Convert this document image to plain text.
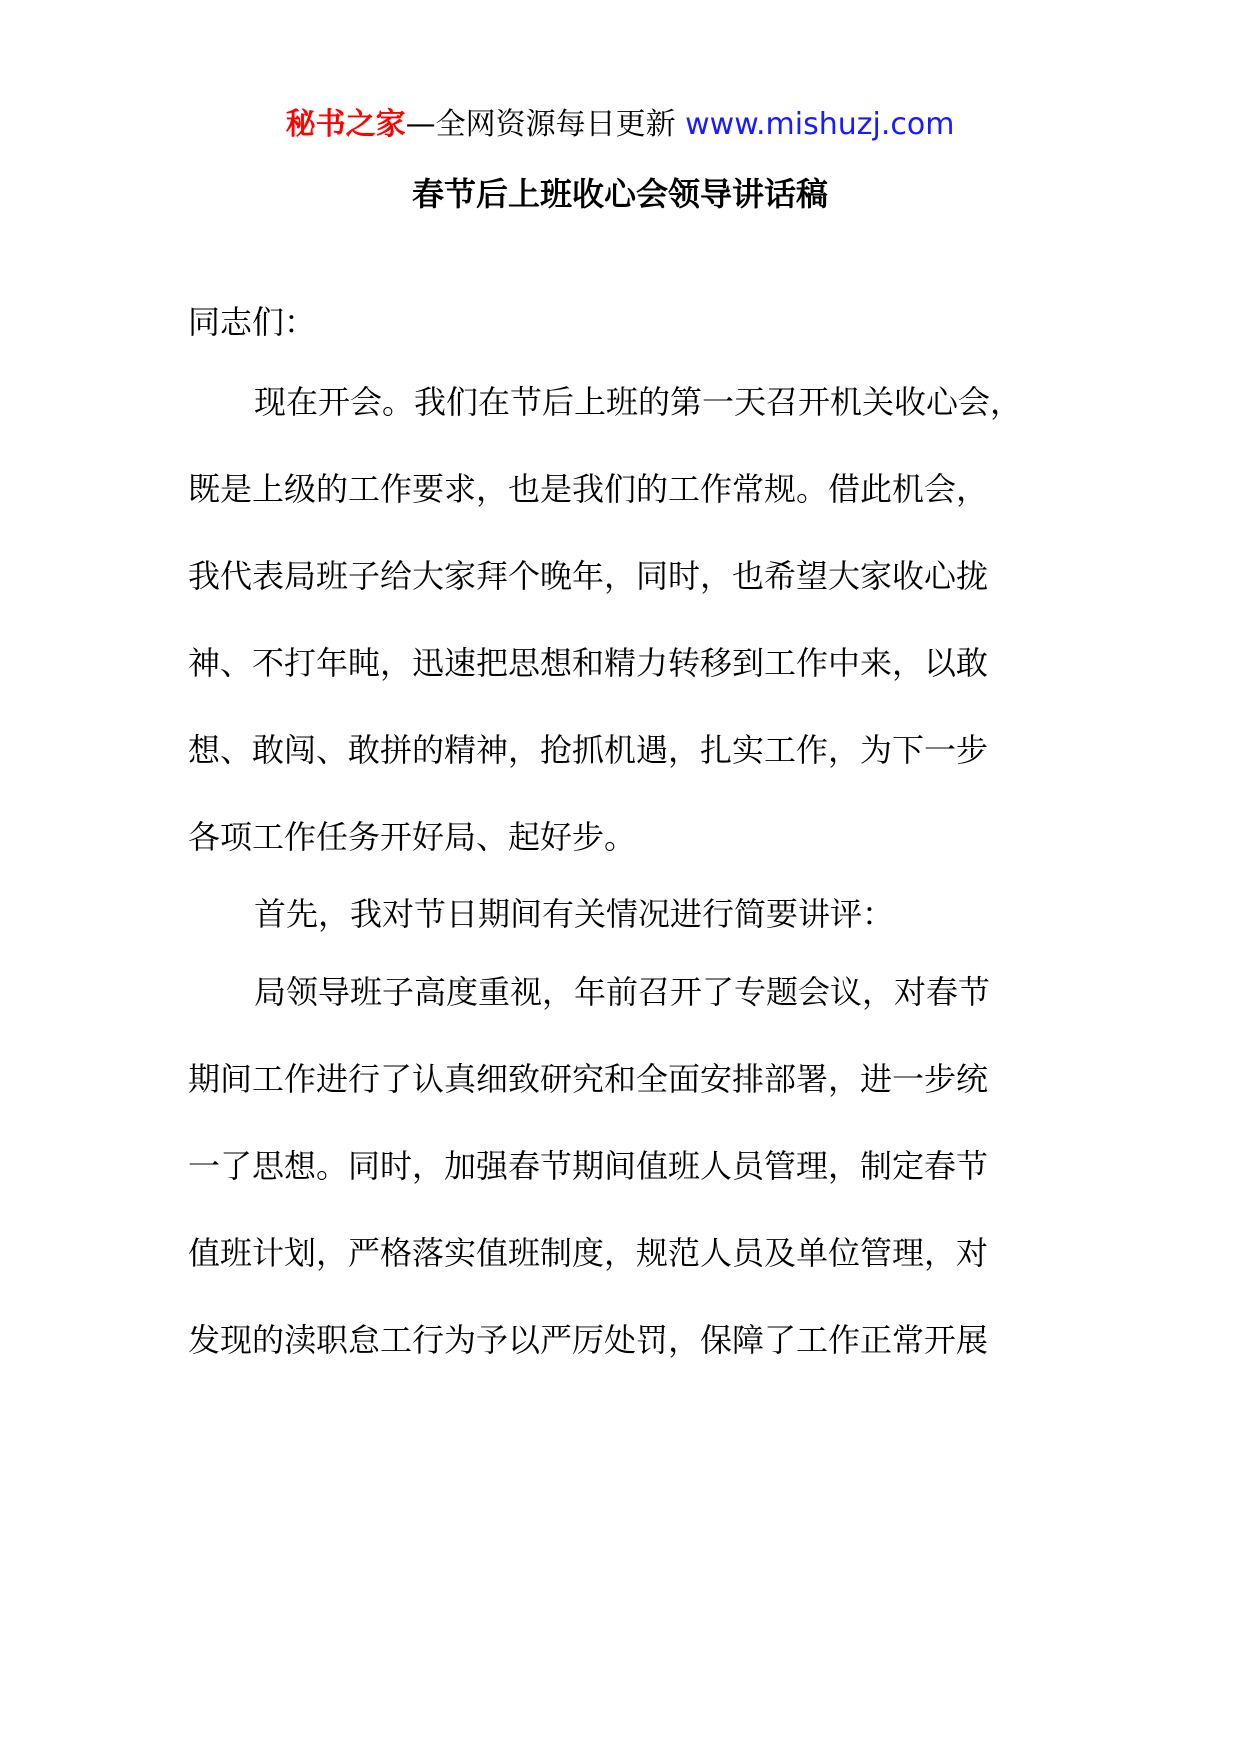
秘书之家—全网资源每日更新 www.mishuzj.com
春节后上班收心会领导讲话稿

同志们：

现在开会。我们在节后上班的第一天召开机关收心会，

既是上级的工作要求，也是我们的工作常规。借此机会，

我代表局班子给大家拜个晚年，同时，也希望大家收心拢

神、不打年盹，迅速把思想和精力转移到工作中来，以敢

想、敢闯、敢拼的精神，抢抓机遇，扎实工作，为下一步

各项工作任务开好局、起好步。

首先，我对节日期间有关情况进行简要讲评：

局领导班子高度重视，年前召开了专题会议，对春节

期间工作进行了认真细致研究和全面安排部署，进一步统

一了思想。同时，加强春节期间值班人员管理，制定春节

值班计划，严格落实值班制度，规范人员及单位管理，对

发现的渎职怠工行为予以严厉处罚，保障了工作正常开展
